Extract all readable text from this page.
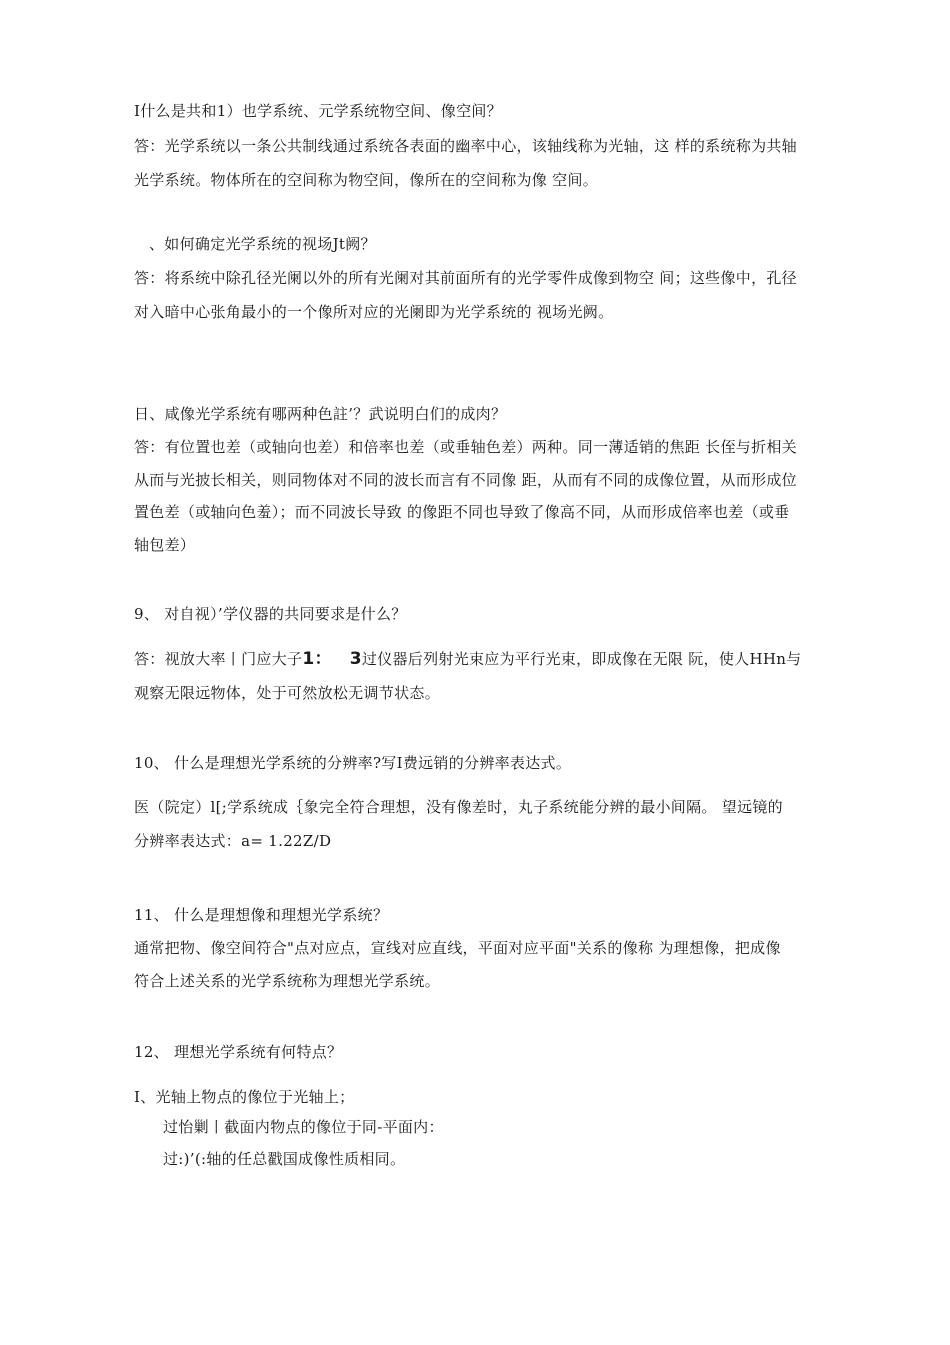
I什么是共和1）也学系统、元学系统物空间、像空间？
答：光学系统以一条公共制线通过系统各表面的幽率中心，该轴线称为光轴，这 样的系统称为共轴
光学系统。物体所在的空间称为物空间，像所在的空间称为像 空间。
、如何确定光学系统的视场Jt阙？
答：将系统中除孔径光阑以外的所有光阑对其前面所有的光学零件成像到物空 间；这些像中，孔径
对入暗中心张角最小的一个像所对应的光阑即为光学系统的 视场光阙。
日、咸像光学系统有哪两种色註’？武说明白们的成肉？
答：有位置也差（或轴向也差）和倍率也差（或垂轴色差）两种。同一薄适销的焦距 长侄与折相关
从而与光披长相关，则同物体对不同的波长而言有不同像 距，从而有不同的成像位置，从而形成位
置色差（或轴向色羞）；而不同波长导致 的像距不同也导致了像高不同，从而形成倍率也差（或垂
轴包差）
9、 对自视）’学仪器的共同要求是什么？
答：视放大率丨门应大子1： 3过仪器后列射光束应为平行光束，即成像在无限 阮，使人HHn与
观察无限远物体，处于可然放松无调节状态。
10、 什么是理想光学系统的分辨率?写I费远销的分辨率表达式。
医（院定）l[;学系统成｛象完全符合理想，没有像差时，丸子系统能分辨的最小间隔。 望远镜的
分辨率表达式：a= 1.22Z/D
11、 什么是理想像和理想光学系统？
通常把物、像空间符合"点对应点，宣线对应直线，平面对应平面"关系的像称 为理想像，把成像
符合上述关系的光学系统称为理想光学系统。
12、 理想光学系统有何特点？
I、光轴上物点的像位于光轴上；
过怡剿丨截面内物点的像位于同-平面内：
过:)’(:轴的任总戳国成像性质相同。
